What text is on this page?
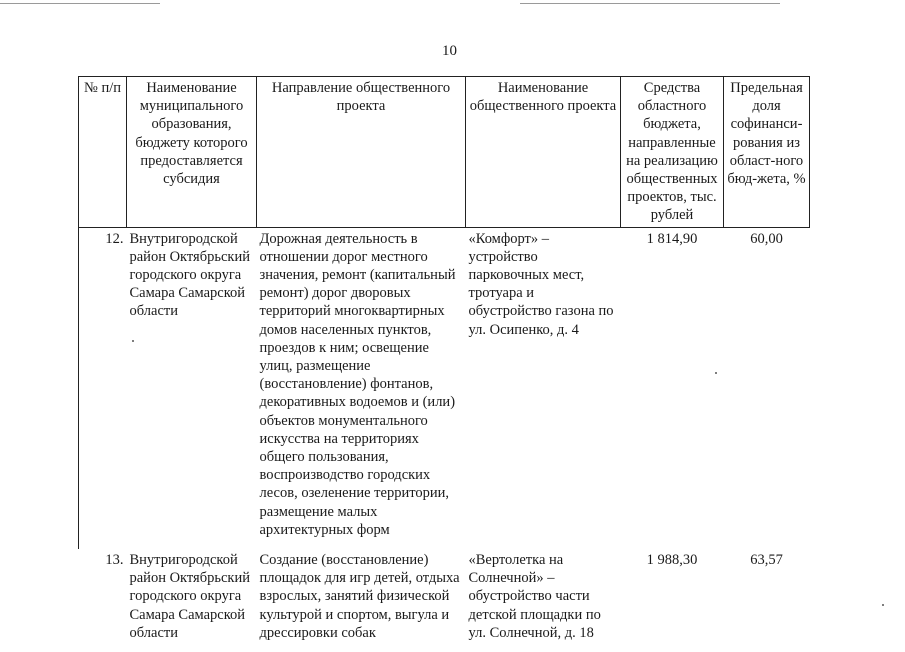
10
№ п/п	Наименование муниципального образования, бюджету которого предоставляется субсидия	Направление общественного проекта	Наименование общественного проекта	Средства областного бюджета, направленные на реализацию общественных проектов, тыс. рублей	Предельная доля софинанси-рования из област-ного бюд-жета, %
12.	Внутригородской район Октябрьский городского округа Самара Самарской области	Дорожная деятельность в отношении дорог местного значения, ремонт (капитальный ремонт) дорог дворовых территорий многоквартирных домов населенных пунктов, проездов к ним; освещение улиц, размещение (восстановление) фонтанов, декоративных водоемов и (или) объектов монументального искусства на территориях общего пользования, воспроизводство городских лесов, озеленение территории, размещение малых архитектурных форм	«Комфорт» – устройство парковочных мест, тротуара и обустройство газона по ул. Осипенко, д. 4	1 814,90	60,00
13.	Внутригородской район Октябрьский городского округа Самара Самарской области	Создание (восстановление) площадок для игр детей, отдыха взрослых, занятий физической культурой и спортом, выгула и дрессировки собак	«Вертолетка на Солнечной» – обустройство части детской площадки по ул. Солнечной, д. 18	1 988,30	63,57
